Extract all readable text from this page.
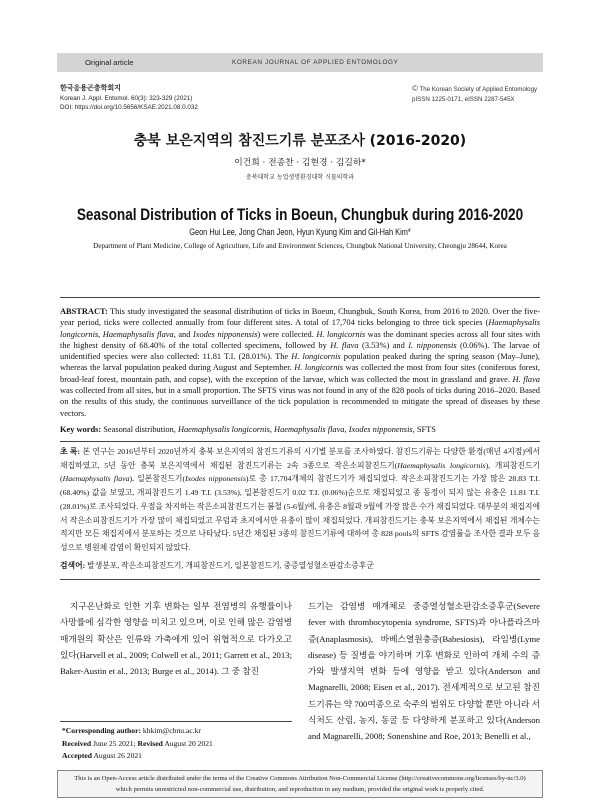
Original article	KOREAN JOURNAL OF APPLIED ENTOMOLOGY
한국응용곤충학회지
Korean J. Appl. Entomol. 60(3): 323-329 (2021)
DOI: https://doi.org/10.5656/KSAE.2021.08.0.032
© The Korean Society of Applied Entomology
pISSN 1225-0171, eISSN 2287-545X
충북 보은지역의 참진드기류 분포조사 (2016-2020)
이건희 · 전종찬 · 김현경 · 김길하*
충북대학교 농업생명환경대학 식물의학과
Seasonal Distribution of Ticks in Boeun, Chungbuk during 2016-2020
Geon Hui Lee, Jong Chan Jeon, Hyun Kyung Kim and Gil-Hah Kim*
Department of Plant Medicine, College of Agriculture, Life and Environment Sciences, Chungbuk National University, Cheongju 28644, Korea

ABSTRACT: This study investigated the seasonal distribution of ticks in Boeun, Chungbuk, South Korea, from 2016 to 2020. Over the five-year period, ticks were collected annually from four different sites. A total of 17,704 ticks belonging to three tick species (Haemaphysalis longicornis, Haemaphysalis flava, and Ixodes nipponensis) were collected. H. longicornis was the dominant species across all four sites with the highest density of 68.40% of the total collected specimens, followed by H. flava (3.53%) and I. nipponensis (0.06%). The larvae of unidentified species were also collected: 11.81 T.I. (28.01%). The H. longicornis population peaked during the spring season (May–June), whereas the larval population peaked during August and September. H. longicornis was collected the most from four sites (coniferous forest, broad-leaf forest, mountain path, and copse), with the exception of the larvae, which was collected the most in grassland and grave. H. flava was collected from all sites, but in a small proportion. The SFTS virus was not found in any of the 828 pools of ticks during 2016–2020. Based on the results of this study, the continuous surveillance of the tick population is recommended to mitigate the spread of diseases by these vectors.

Key words: Seasonal distribution, Haemaphysalis longicornis, Haemaphysalis flava, Ixodes nipponensis, SFTS

초 록: 본 연구는 2016년부터 2020년까지 충북 보은지역의 참진드기류의 시기별 분포를 조사하였다. 참진드기류는 다양한 환경(매년 4지점)에서 채집하였고, 5년 동안 충북 보은지역에서 채집된 참진드기류는 2속 3종으로 작은소피참진드기(Haemaphysalis longicornis), 개피참진드기(Haemaphysalis flava), 일본참진드기(Ixodes nipponensis)로 총 17,704개체의 참진드기가 채집되었다. 작은소피참진드기는 가장 많은 28.83 T.I. (68.40%) 값을 보였고, 개피참진드기 1.49 T.I. (3.53%), 일본참진드기 0.02 T.I. (0.06%)순으로 채집되었고 종 동정이 되지 않는 유충은 11.81 T.I. (28.01%)로 조사되었다. 우점을 차지하는 작은소피참진드기는 봄철 (5-6월)에, 유충은 8월과 9월에 가장 많은 수가 채집되었다. 대부분의 채집지에서 작은소피참진드기가 가장 많이 채집되었고 무덤과 초지에서만 유충이 많이 채집되었다. 개피참진드기는 충북 보은지역에서 채집된 개체수는 적지만 모든 채집지에서 분포하는 것으로 나타났다. 5년간 채집된 3종의 참진드기류에 대하여 총 828 pools의 SFTS 감염률을 조사한 결과 모두 음성으로 병원체 감염이 확인되지 않았다.

검색어: 발생분포, 작은소피참진드기, 개피참진드기, 일본참진드기, 중증열성혈소판감소증후군

지구온난화로 인한 기후 변화는 일부 전염병의 유행률이나 사망률에 심각한 영향을 미치고 있으며, 이로 인해 많은 감염병 매개원의 확산은 인류와 가축에게 있어 위협적으로 다가오고 있다(Harvell et al., 2009; Colwell et al., 2011; Garrett et al., 2013; Baker-Austin et al., 2013; Burge et al., 2014). 그 중 참진

드기는 감염병 매개체로 중증열성혈소판감소증후군(Severe fever with thrombocytopenia syndrome, SFTS)과 아나플라즈마증(Anaplasmosis), 바베스열원충증(Babesiosis), 라임병(Lyme disease) 등 질병을 야기하며 기후 변화로 인하여 개체 수의 증가와 발생지역 변화 등에 영향을 받고 있다(Anderson and Magnarelli, 2008; Eisen et al., 2017). 전세계적으로 보고된 참진드기류는 약 700여종으로 숙주의 범위도 다양할 뿐만 아니라 서식처도 산림, 농지, 동굴 등 다양하게 분포하고 있다(Anderson and Magnarelli, 2008; Sonenshine and Roe, 2013; Benelli et al.,

*Corresponding author: khkim@cbnu.ac.kr
Received June 25 2021; Revised August 20 2021
Accepted August 26 2021
This is an Open-Access article distributed under the terms of the Creative Commons Attribution Non-Commercial License (http://creativecommons.org/licenses/by-nc/3.0)
which permits unrestricted non-commercial use, distribution, and reproduction in any medium, provided the original work is properly cited.
